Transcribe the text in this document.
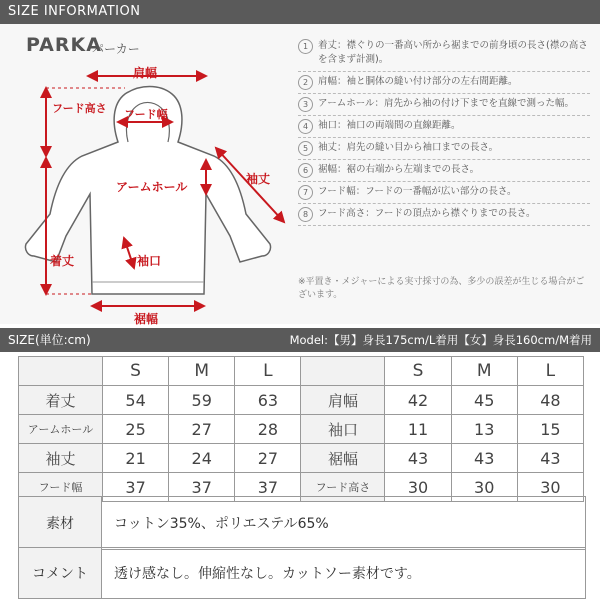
SIZE INFORMATION
PARKA
パーカー
肩幅
フード高さ フード幅
アームホール
袖丈
着丈	袖口
裾幅
1	着丈：襟ぐりの一番高い所から裾までの前身頃の長さ(襟の高さを含まず計測)。
2	肩幅：袖と胴体の縫い付け部分の左右間距離。
3	アームホール：肩先から袖の付け下までを直線で測った幅。
4	袖口：袖口の両端間の直線距離。
5	袖丈：肩先の縫い目から袖口までの長さ。
6	裾幅：裾の右端から左端までの長さ。
7	フード幅：フードの一番幅が広い部分の長さ。
8	フード高さ：フードの頂点から襟ぐりまでの長さ。
※平置き・メジャーによる実寸採寸の為、多少の誤差が生じる場合がございます。
SIZE(単位:cm)	Model:【男】身長175cm/L着用【女】身長160cm/M着用
	S	M	L		S	M	L
着丈	54	59	63	肩幅	42	45	48
アームホール	25	27	28	袖口	11	13	15
袖丈	21	24	27	裾幅	43	43	43
フード幅	37	37	37	フード高さ	30	30	30
素材	コットン35%、ポリエステル65%
コメント	透け感なし。伸縮性なし。カットソー素材です。
